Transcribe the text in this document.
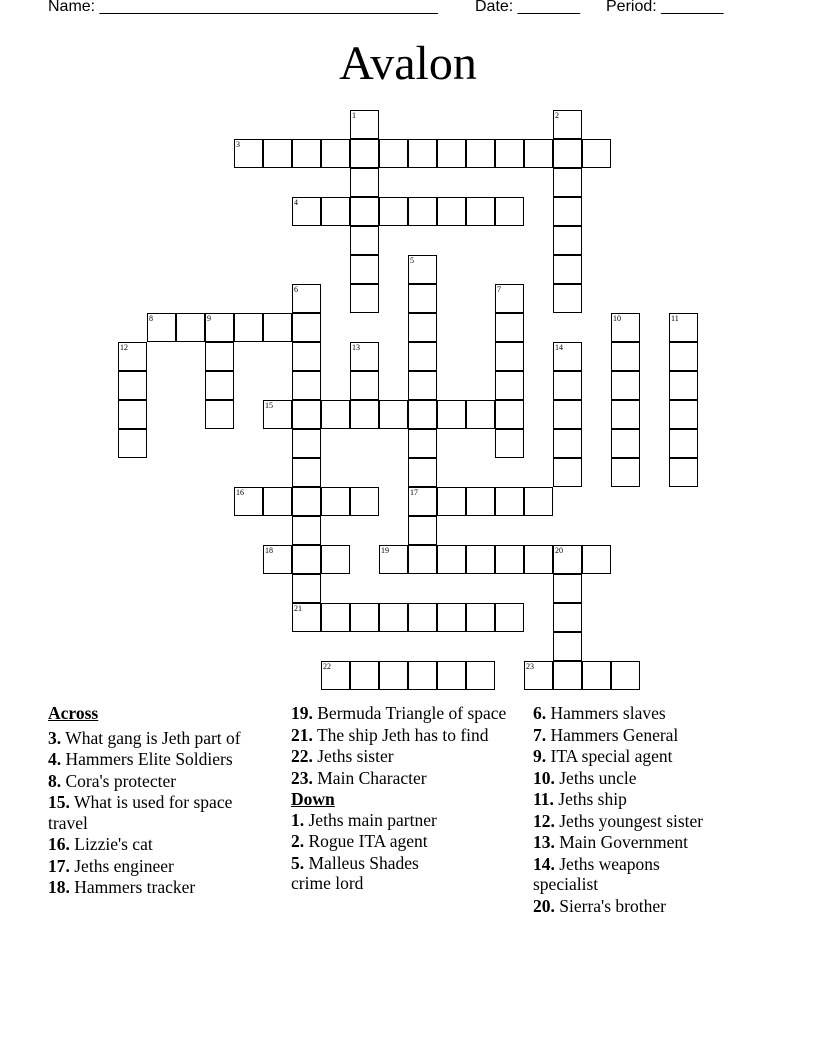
Name: ______________________________________ Date: _______ Period: _______
Avalon
1	2
3
4
5
6	7
8	9	10	11
12	13	14
15
16	17
18	19	20
21
22	23
Across
3. What gang is Jeth part of
4. Hammers Elite Soldiers
8. Cora's protecter
15. What is used for space travel
16. Lizzie's cat
17. Jeths engineer
18. Hammers tracker
19. Bermuda Triangle of space
21. The ship Jeth has to find
22. Jeths sister
23. Main Character
Down
1. Jeths main partner
2. Rogue ITA agent
5. Malleus Shades crime lord
6. Hammers slaves
7. Hammers General
9. ITA special agent
10. Jeths uncle
11. Jeths ship
12. Jeths youngest sister
13. Main Government
14. Jeths weapons specialist
20. Sierra's brother
